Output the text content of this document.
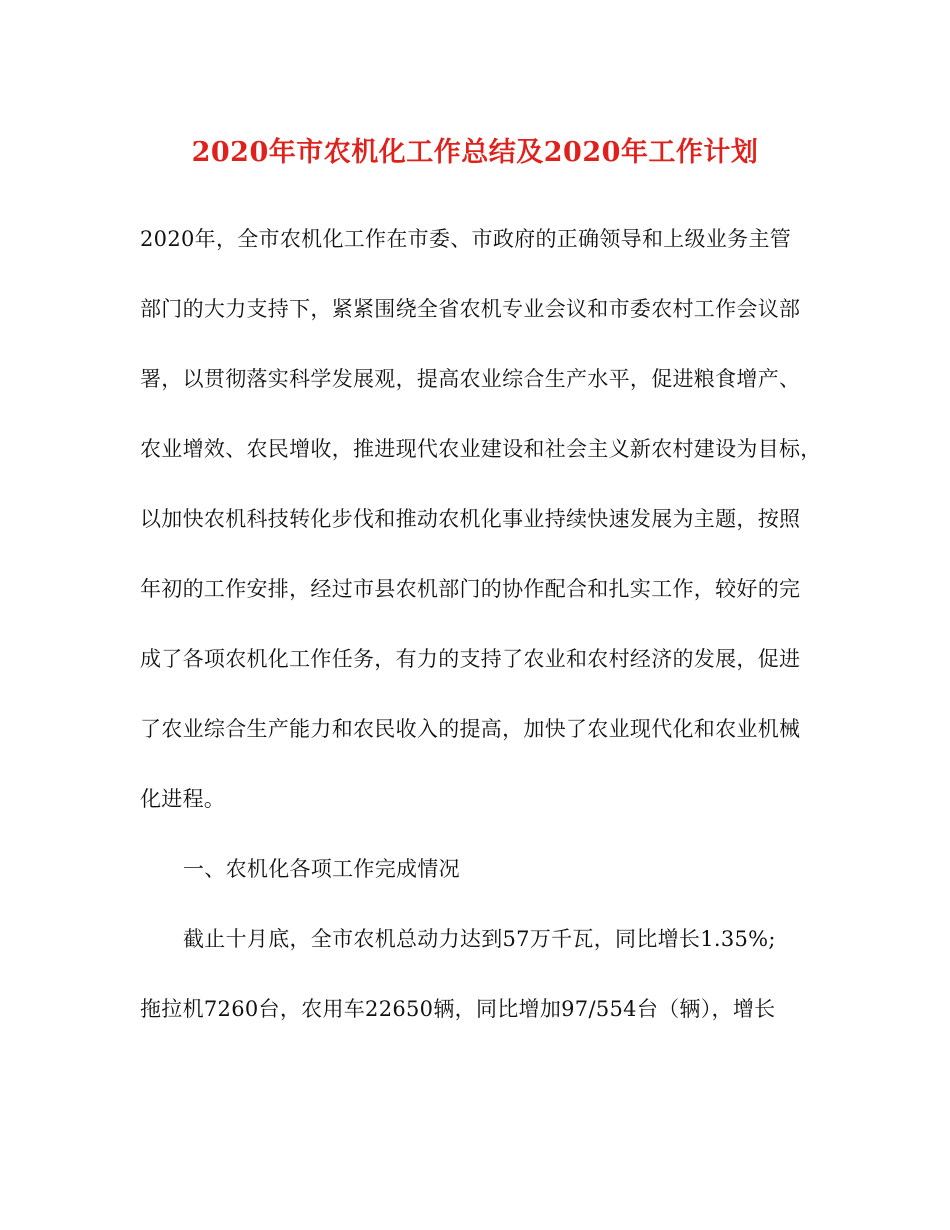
2020年市农机化工作总结及2020年工作计划
2020年，全市农机化工作在市委、市政府的正确领导和上级业务主管
部门的大力支持下，紧紧围绕全省农机专业会议和市委农村工作会议部
署，以贯彻落实科学发展观，提高农业综合生产水平，促进粮食增产、
农业增效、农民增收，推进现代农业建设和社会主义新农村建设为目标，
以加快农机科技转化步伐和推动农机化事业持续快速发展为主题，按照
年初的工作安排，经过市县农机部门的协作配合和扎实工作，较好的完
成了各项农机化工作任务，有力的支持了农业和农村经济的发展，促进
了农业综合生产能力和农民收入的提高，加快了农业现代化和农业机械
化进程。
一、农机化各项工作完成情况
截止十月底，全市农机总动力达到57万千瓦，同比增长1.35%;
拖拉机7260台，农用车22650辆，同比增加97/554台（辆），增长
